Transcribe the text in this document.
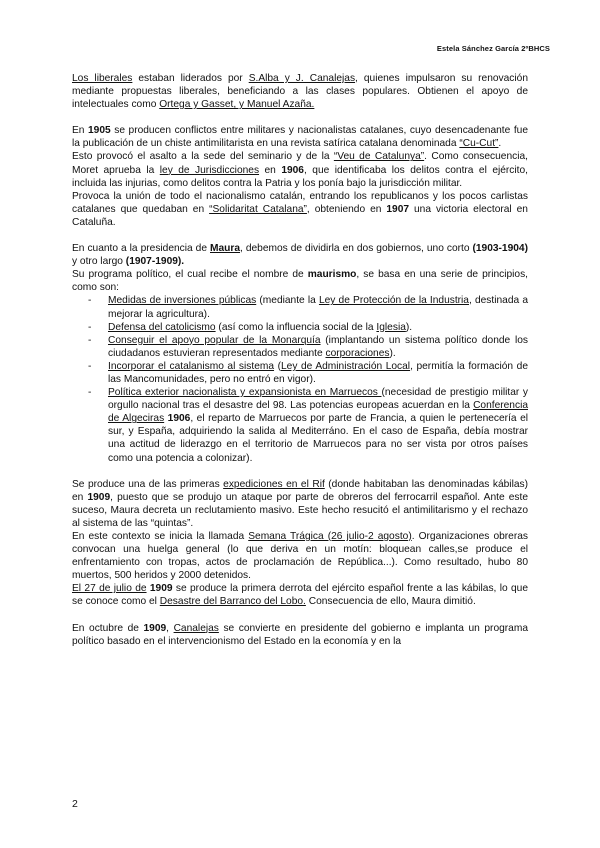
Estela Sánchez García 2ºBHCS

Los liberales estaban liderados por S.Alba y J. Canalejas, quienes impulsaron su renovación mediante propuestas liberales, beneficiando a las clases populares. Obtienen el apoyo de intelectuales como Ortega y Gasset, y Manuel Azaña.

En 1905 se producen conflictos entre militares y nacionalistas catalanes, cuyo desencadenante fue la publicación de un chiste antimilitarista en una revista satírica catalana denominada “Cu-Cut”.

Esto provocó el asalto a la sede del seminario y de la “Veu de Catalunya”. Como consecuencia, Moret aprueba la ley de Jurisdicciones en 1906, que identificaba los delitos contra el ejército, incluida las injurias, como delitos contra la Patria y los ponía bajo la jurisdicción militar.

Provoca la unión de todo el nacionalismo catalán, entrando los republicanos y los pocos carlistas catalanes que quedaban en “Solidaritat Catalana”, obteniendo en 1907 una victoria electoral en Cataluña.

En cuanto a la presidencia de Maura, debemos de dividirla en dos gobiernos, uno corto (1903-1904) y otro largo (1907-1909).

Su programa político, el cual recibe el nombre de maurismo, se basa en una serie de principios, como son:

- Medidas de inversiones públicas (mediante la Ley de Protección de la Industria, destinada a mejorar la agricultura).
- Defensa del catolicismo (así como la influencia social de la Iglesia).
- Conseguir el apoyo popular de la Monarquía (implantando un sistema político donde los ciudadanos estuvieran representados mediante corporaciones).
- Incorporar el catalanismo al sistema (Ley de Administración Local, permitía la formación de las Mancomunidades, pero no entró en vigor).
- Política exterior nacionalista y expansionista en Marruecos (necesidad de prestigio militar y orgullo nacional tras el desastre del 98. Las potencias europeas acuerdan en la Conferencia de Algeciras 1906, el reparto de Marruecos por parte de Francia, a quien le pertenecería el sur, y España, adquiriendo la salida al Mediterráno. En el caso de España, debía mostrar una actitud de liderazgo en el territorio de Marruecos para no ser vista por otros países como una potencia a colonizar).

Se produce una de las primeras expediciones en el Rif (donde habitaban las denominadas kábilas) en 1909, puesto que se produjo un ataque por parte de obreros del ferrocarril español. Ante este suceso, Maura decreta un reclutamiento masivo. Este hecho resucitó el antimilitarismo y el rechazo al sistema de las “quintas”.

En este contexto se inicia la llamada Semana Trágica (26 julio-2 agosto). Organizaciones obreras convocan una huelga general (lo que deriva en un motín: bloquean calles,se produce el enfrentamiento con tropas, actos de proclamación de República...). Como resultado, hubo 80 muertos, 500 heridos y 2000 detenidos.

El 27 de julio de 1909 se produce la primera derrota del ejército español frente a las kábilas, lo que se conoce como el Desastre del Barranco del Lobo. Consecuencia de ello, Maura dimitió.

En octubre de 1909, Canalejas se convierte en presidente del gobierno e implanta un programa político basado en el intervencionismo del Estado en la economía y en la

2
